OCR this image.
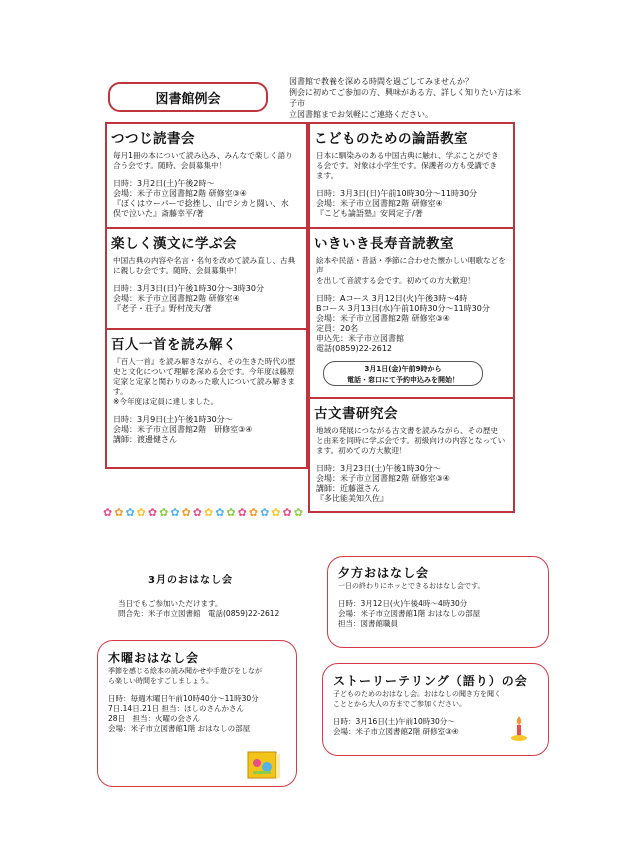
図書館例会
図書館で教養を深める時間を過ごしてみませんか？
例会に初めてご参加の方、興味がある方、詳しく知りたい方は米子市
立図書館までお気軽にご連絡ください。
つつじ読書会
毎月1冊の本について読み込み、みんなで楽しく語り
合う会です。随時、会員募集中！
日時：3月2日(土)午後2時～
会場：米子市立図書館2階 研修室③④
『ぼくはウーパーで捻挫し、山でシカと闘い、水
俣で泣いた』斎藤幸平/著
楽しく漢文に学ぶ会
中国古典の内容や名言・名句を改めて読み直し、古典
に親しむ会です。随時、会員募集中！
日時：3月3日(日)午後1時30分～3時30分
会場：米子市立図書館2階 研修室④
『老子・荘子』野村茂夫/著
百人一首を読み解く
『百人一首』を読み解きながら、その生きた時代の歴
史と文化について理解を深める会です。今年度は藤原
定家と定家と関わりのあった歌人について読み解きま
す。
※今年度は定員に達しました。
日時：3月9日(土)午後1時30分～
会場：米子市立図書館2階　研修室③④
講師：渡邊健さん
こどものための論語教室
日本に馴染みのある中国古典に触れ、学ぶことができ
る会です。対象は小学生です。保護者の方も受講でき
ます。
日時：3月3日(日)午前10時30分～11時30分
会場：米子市立図書館2階 研修室④
『こども論語塾』安岡定子/著
いきいき長寿音読教室
絵本や民話・昔話・季節に合わせた懐かしい唱歌などを声
を出して音読する会です。初めての方大歓迎！
日時：Aコース 3月12日(火)午後3時～4時
Bコース 3月13日(水)午前10時30分～11時30分
会場：米子市立図書館2階 研修室③④
定員：20名
申込先：米子市立図書館
電話(0859)22-2612
3月1日(金)午前9時から
電話・窓口にて予約申込みを開始！
古文書研究会
地域の発展につながる古文書を読みながら、その歴史
と由来を同時に学ぶ会です。初級向けの内容となってい
ます。初めての方大歓迎！
日時：3月23日(土)午後1時30分～
会場：米子市立図書館2階 研修室③④
講師：近藤滋さん
『多比能美知久佐』
✿ ✿ ✿ ✿ ✿ ✿ ✿ ✿ ✿ ✿ ✿ ✿ ✿ ✿ ✿ ✿ ✿ ✿
3月のおはなし会
当日でもご参加いただけます。
問合先：米子市立図書館　電話(0859)22-2612
夕方おはなし会
一日の終わりにホッとできるおはなし会です。
日時：3月12日(火)午後4時～4時30分
会場：米子市立図書館1階 おはなしの部屋
担当：図書館職員
木曜おはなし会
季節を感じる絵本の読み聞かせや手遊びをしなが
ら楽しい時間をすごしましょう。
日時：毎週木曜日午前10時40分～11時30分
7日.14日.21日 担当：ほしのさんかさん
28日　担当：火曜の会さん
会場：米子市立図書館1階 おはなしの部屋
ストーリーテリング（語り）の会
子どものためのおはなし会。おはなしの聞き方を聞く
こととから大人の方までご参加ください。
日時：3月16日(土)午前10時30分～
会場：米子市立図書館2階 研修室③④
